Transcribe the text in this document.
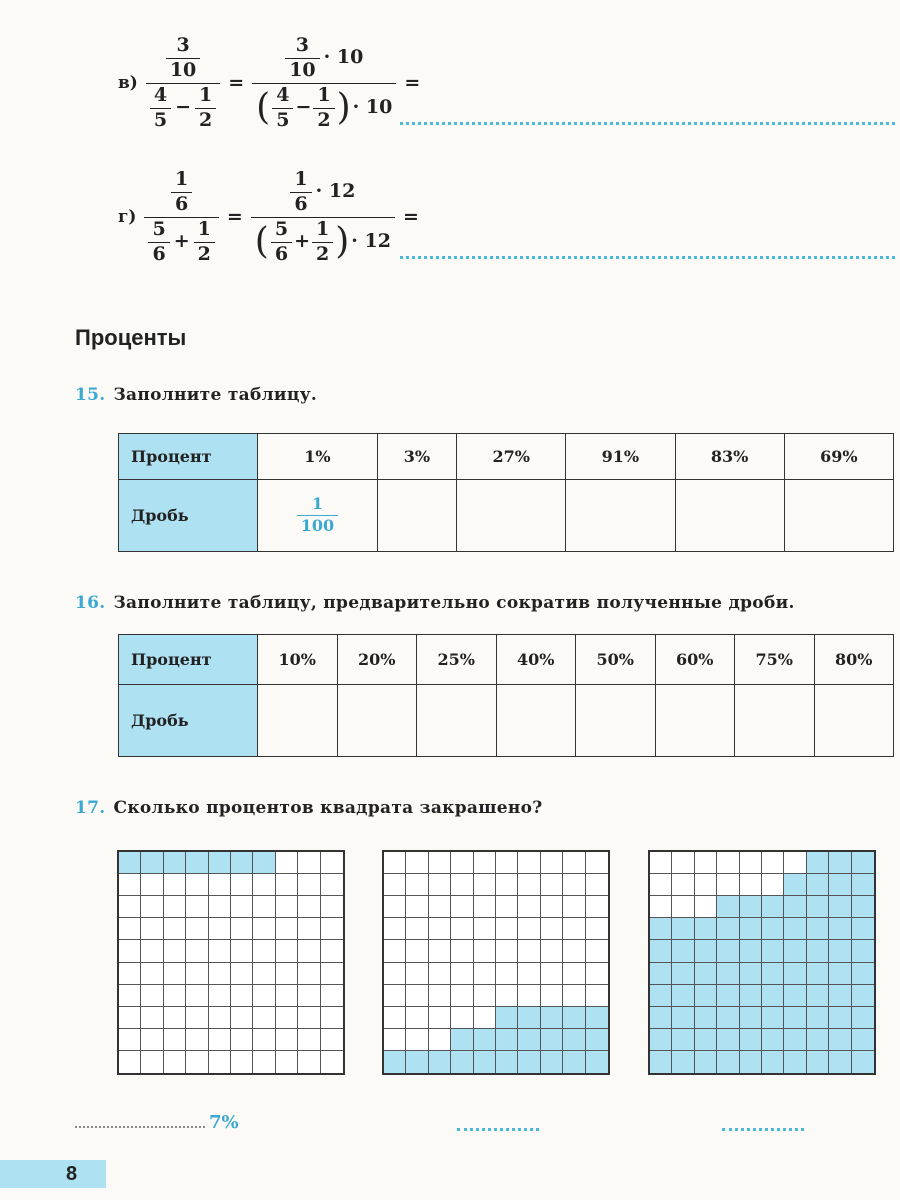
$в) \frac{\frac{3}{10}}{\frac{4}{5} - \frac{1}{2}} = \frac{\frac{3}{10} \cdot 10}{( \frac{4}{5} - \frac{1}{2} ) \cdot 10}$ =
$г) \frac{\frac{1}{6}}{\frac{5}{6} + \frac{1}{2}} = \frac{\frac{1}{6} \cdot 12}{( \frac{5}{6} + \frac{1}{2} ) \cdot 12}$ =
Проценты
15. Заполните таблицу.
Процент	1%	3%	27%	91%	83%	69%
Дробь	$\frac{1}{100}$

16. Заполните таблицу, предварительно сократив полученные дроби.
Процент	10%	20%	25%	40%	50%	60%	75%	80%
Дробь								
17. Сколько процентов квадрата закрашено?
7%
8
